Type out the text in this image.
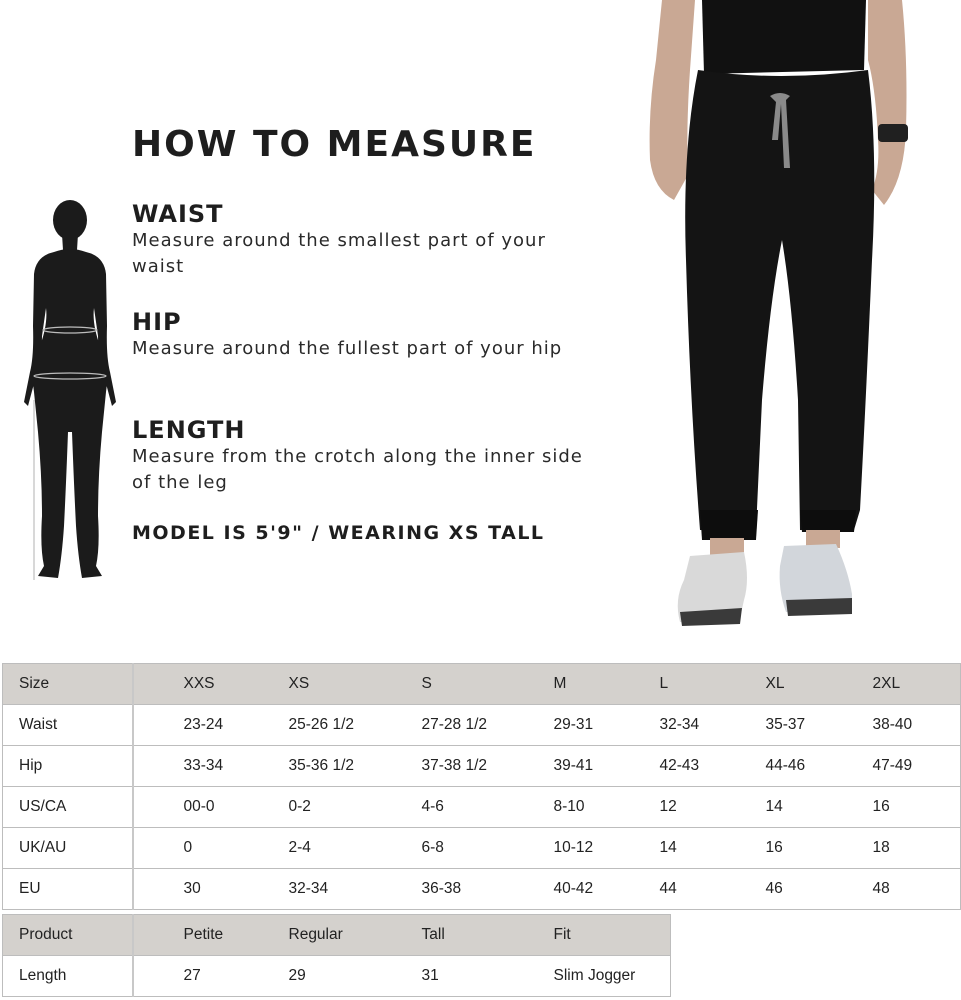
HOW TO MEASURE
WAIST

Measure around the smallest part of your waist

HIP

Measure around the fullest part of your hip

LENGTH

Measure from the crotch along the inner side of the leg

MODEL IS 5'9" / WEARING XS TALL
Size	XXS	XS	S	M	L	XL	2XL
Waist	23-24	25-26 1/2	27-28 1/2	29-31	32-34	35-37	38-40
Hip	33-34	35-36 1/2	37-38 1/2	39-41	42-43	44-46	47-49
US/CA	00-0	0-2	4-6	8-10	12	14	16
UK/AU	0	2-4	6-8	10-12	14	16	18
EU	30	32-34	36-38	40-42	44	46	48
Product	Petite	Regular	Tall	Fit
Length	27	29	31	Slim Jogger
